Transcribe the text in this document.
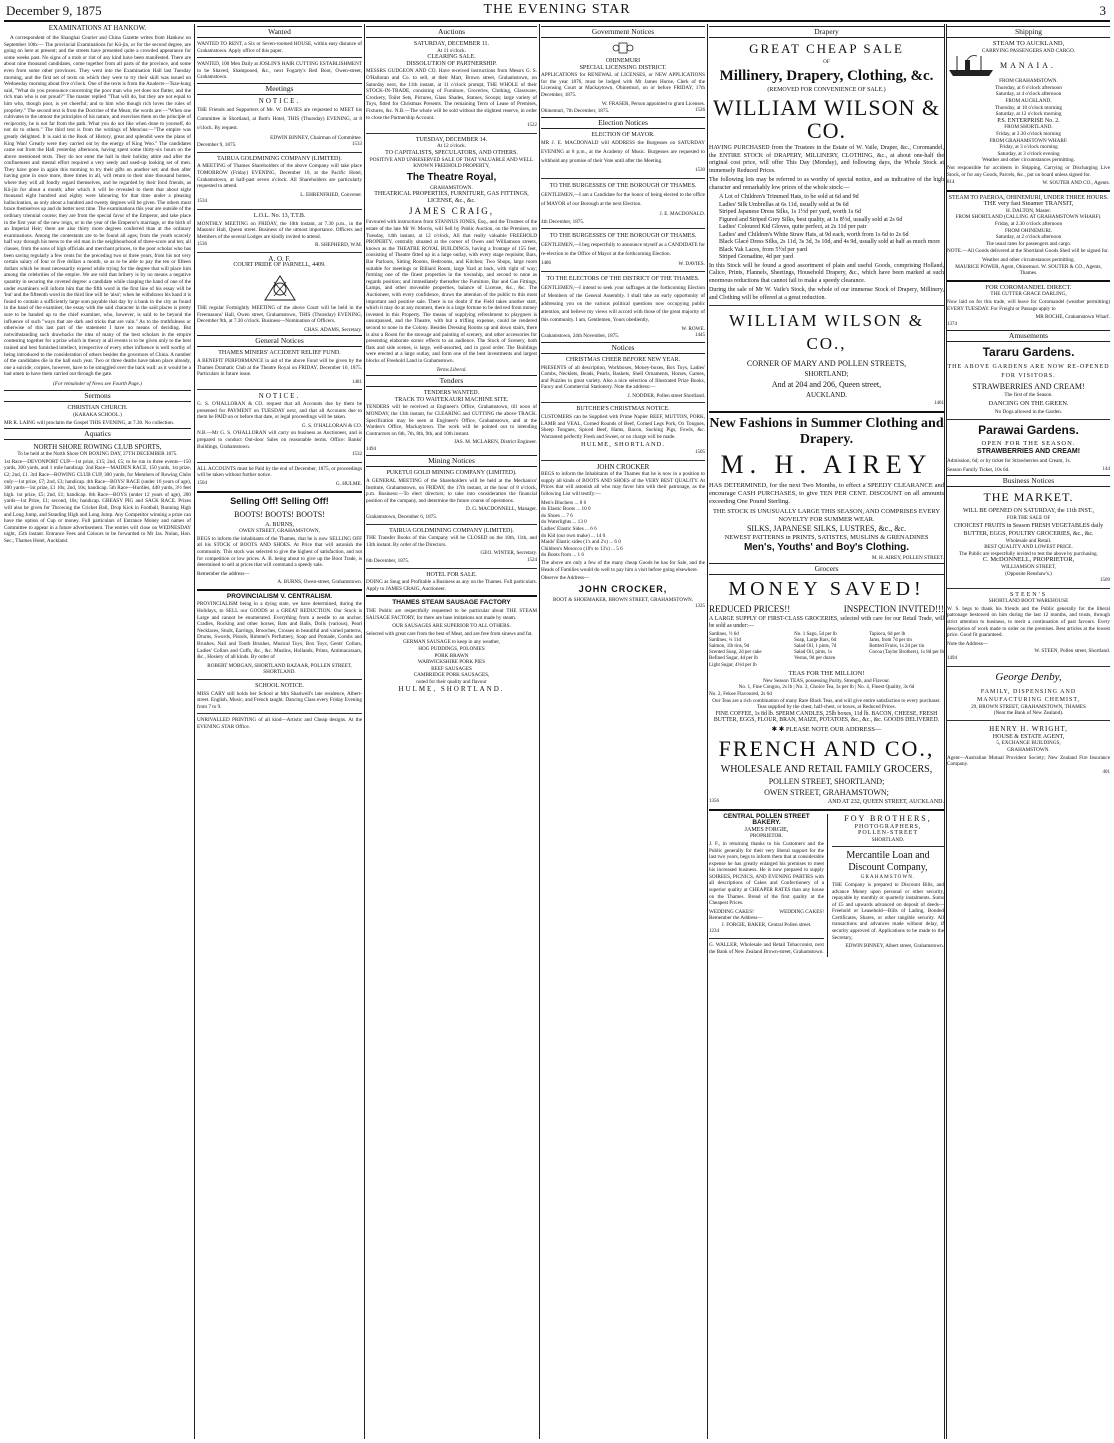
December 9, 1875	THE EVENING STAR	3
EXAMINATIONS AT HANKOW.
A correspondent of the Shanghai Courier and China Gazette writes from Hankow on September 10th:— The provincial Examinations for Kü-jin, or for the second degree, are going on here at present; and the streets have presented quite a crowded appearance for some weeks past. No signs of a mob or riot of any kind have been manifested. There are about nine thousand candidates, come together from all parts of the province, and some even from some other provinces. They went into the Examination Hall last Tuesday morning, and the first set of texts on which they were to try their skill was issued on Wednesday morning about five o'clock. One of the texts is from the Analects—Tsze-kung said, "What do you pronounce concerning the poor man who yet does not flatter, and the rich man who is not proud?" The master replied "That will do, but they are not equal to him who, though poor, is yet cheerful; and to him who though rich loves the rules of propriety." The second text is from the Doctrine of the Mean; the words are:—"When one cultivates to the utmost the principles of his nature, and exercises them on the principle of reciprocity, he is not far from the path. What you do not like when done to yourself, do not do to others." The third text is from the writings of Mencius:—"The empire was greatly delighted. It is said in the Book of History, great and splendid were the plans of King Wan! Greatly were they carried out by the energy of King Woo." The candidates came out from the Hall yesterday afternoon, having spent some thirty-six hours on the above mentioned texts. They do not enter the hall in their holiday attire and after the confinement and mental effort required a very seedy and used-up looking set of men. They have gone in again this morning to try their gifts on another set; and then after having gone in once more, three times in all, will return to their nine thousand homes, where they will all fondly regard themselves, and be regarded by their fond friends, as Kü-jin for about a month; after which it will be revealed to them that about eight thousand eight hundred and eighty were labouring for that time under a pleasing hallucination, as only about a hundred and twenty degrees will be given. The others must brace themselves up and do better next time. The examinations this year are outside of the ordinary triennial course; they are from the special favor of the Emperor, and take place in the first year of the new reign, or in the year of the Emperor's marriage, or the birth of an Imperial Heir; there are also thirty more degrees conferred than at the ordinary examinations. Among the contestants are to be found all ages; from the youth scarcely half way through his teens to the old man in the neighbourhood of three-score and ten; all classes, from the sons of high officials and merchant princes, to the poor scholar who has been saving regularly a few cents for the preceding two or three years, from his not very certain salary of four or five dollars a month, so as to be able to pay the ten or fifteen dollars which he must necessarily expend while trying for the degree that will place him among the celebrities of the empire. We are told that bribery is by no means a negative quantity in securing the coveted degree: a candidate while clasping the hand of one of the under examiners will inform him that the fifth word in the first line of his essay will be 'but' and the fifteenth word in the third line will be 'also'; when he withdraws his hand it is found to contain a sufficiently large sum payable that day by a bank in the city as found in the hand of the examiner, the essay with the said character in the said places is pretty sure to be handed up to the chief examiner, who, however, is said to be beyond the influence of such "ways that are dark and tricks that are vain." As to the truthfulness or otherwise of this last part of the statement I have no means of deciding. But notwithstanding such drawbacks the idea of many of the best scholars in the empire contesting together for a prize which in theory at all events is to be given only to the best trained and best furnished intellect, irrespective of every other influence is well worthy of being introduced to the consideration of others besides the governors of China. A number of the candidates die in the hall each year. Two or three deaths have taken place already, one a suicide; corpses, however, have to be smuggled over the back wall: as it would be a bad omen to have them carried out through the gate.
(For remainder of News see Fourth Page.)
Sermons
CHRISTIAN CHURCH.
(KARAKA SCHOOL.)
MR R. LAING will proclaim the Gospel THIS EVENING, at 7.30. No collection.
Aquatics
NORTH SHORE ROWING CLUB SPORTS,
To be held at the North Shore ON BOXING DAY, 27TH DECEMBER 1875.
1st Race—DEVONPORT CUP—1st prize, £15; 2nd, £5; to be run in three events—150 yards, 300 yards, and 1 mile handicap. 2nd Race—MAIDEN RACE, 150 yards, 1st prize, £2; 2nd, £1. 3rd Race—ROWING CLUB CUP, 300 yards, for Members of Rowing Clubs only—1st prize, £7; 2nd, £3; handicap. 4th Race—BOYS' RACE (under 16 years of age), 300 yards—1st prize, £1 10s; 2nd, 10s; handicap. 5th Race—Hurdles, 440 yards, 3½ feet high. 1st prize, £5; 2nd, £1; handicap. 6th Race—BOYS (under 12 years of age), 200 yards—1st Prize, £1; second, 10s; handicap. GREASY PIG and SACK RACE. Prizes will also be given for Throwing the Cricket Ball, Drop Kick in Football, Running High and Long Jump, and Standing High and Long Jump. Any Competitor winning a prize can have the option of Cup or money. Full particulars of Entrance Money and names of Committee to appear in a future advertisement. The entries will close on WEDNESDAY night, 15th instant. Entrance Fees and Colours to be forwarded to Mr Jas. Nolan, Hon. Sec., Thames Hotel, Auckland.
Wanted
WANTED TO RENT, a Six or Seven-roomed HOUSE, within easy distance of Grahamstown. Apply office of this paper.
WANTED, 100 Men Daily at JOSLIN'S HAIR CUTTING ESTABLISHMENT to be Shaved, Shampooed, &c., next Fogarty's Red Boot, Owen-street, Grahamstown.
Meetings
NOTICE.
THE Friends and Supporters of Mr. W. DAVIES are requested to MEET his Committee in Shortland, at Butt's Hotel, THIS (Thursday) EVENING, at 8 o'clock. By request.
EDWIN BINNEY, Chairman of Committee.
December 9, 1875.	1533
TAIRUA GOLDMINING COMPANY (LIMITED).
A MEETING of Thames Shareholders of the above Company will take place TOMORROW (Friday) EVENING, December 10, at the Pacific Hotel, Grahamstown, at half-past seven o'clock. All Shareholders are particularly requested to attend.
L. EHRENFRIED, Convener.
1534
L.O.L. No. 13, T.T.B.
MONTHLY MEETING on FRIDAY, the 10th instant, at 7.30 p.m., in the Masonic Hall, Queen street. Business of the utmost importance. Officers and Members of the several Lodges are kindly invited to attend.
1536	R. SHEPHERD, W.M.
A. O. F.
COURT PRIDE OF PARNELL, 4409.
THE regular Fortnightly MEETING of the above Court will be held in the Freemasons' Hall, Owen street, Grahamstown, THIS (Thursday) EVENING, December 9th, at 7.30 o'clock. Business—Nomination of Officers.
CHAS. ADAMS, Secretary.
General Notices
THAMES MINERS' ACCIDENT RELIEF FUND.
A BENEFIT PERFORMANCE in aid of the above Fund will be given by the Thames Dramatic Club at the Theatre Royal on FRIDAY, December 10, 1875. Particulars in future issue.
1481
NOTICE.
G. S. O'HALLORAN & CO. request that all Accounts due by them be presented for PAYMENT on TUESDAY next, and that all Accounts due to them be PAID on or before that date, or legal proceedings will be taken.
G. S. O'HALLORAN & CO.
N.B.—Mr G. S. O'HALLORAN will carry on business as Auctioneer, and is prepared to conduct Out-door Sales on reasonable terms. Office: Banks' Buildings, Grahamstown.
1532
ALL ACCOUNTS must be Paid by the end of December, 1875, or proceedings will be taken without further notice.
1504	G. HULME.
Selling Off! Selling Off!
BOOTS! BOOTS! BOOTS!
A. BURNS,
OWEN STREET, GRAHAMSTOWN,
BEGS to inform the inhabitants of the Thames, that he is now SELLING OFF all his STOCK of BOOTS AND SHOES. At Price that will astonish the community. This stock was selected to give the highest of satisfaction, and not for competition or low prices. A. B. being about to give up the Boot Trade, is determined to sell at prices that will command a speedy sale.
Remember the address—
A. BURNS, Owen-street, Grahamstown.
PROVINCIALISM V. CENTRALISM.
PROVINCIALISM being in a dying state, we have determined, during the Holidays, to SELL our GOODS at a GREAT REDUCTION. Our Stock is Large and cannot be enumerated. Everything from a needle to an anchor. Cradles, Rocking and other horses, Bats and Balls, Dolls (various), Pearl Necklaces, Studs, Earrings, Brooches, Crosses in beautiful and varied patterns, Drums, Swords, Pistols, Rimmel's Perfumery, Soap and Pomade, Combs and Brushes, Nail and Tooth Brushes, Musical Toys, Box Toys, Gents' Collars, Ladies' Collars and Cuffs, &c., &c. Muslins, Hollands, Prints, Antimacassars, &c., Hosiery of all kinds. By order of
ROBERT MORGAN, SHORTLAND BAZAAR, POLLEN STREET, SHORTLAND.
SCHOOL NOTICE.
MISS CARY still holds her School at Mrs Shadwell's late residence, Albert-street. English, Music, and French taught. Dancing Class every Friday Evening from 7 to 9.
UNRIVALLED PRINTING of all kind—Artistic and Cheap designs. At the EVENING STAR Office.
Auctions
SATURDAY, DECEMBER 11.
At 11 o'clock.
CLEARING SALE.
DISSOLUTION OF PARTNERSHIP.
MESSRS GUDGEON AND CO. Have received instructions from Messrs G. S. O'Halloran and Co. to sell, at their Mart, Brown street, Grahamstown, on Saturday next, the 11th instant, at 11 o'clock prompt, THE WHOLE of their STOCK-IN-TRADE, consisting of Furniture, Groceries, Clothing, Glassware, Crockery, Toilet Sets, Pictures, Glass Shades, Statues, Scoops; large variety of Toys, fitted for Christmas Presents. The remaining Term of Lease of Premises, Fixtures, &c. N.B.—The whole will be sold without the slightest reserve, in order to close the Partnership Account.
1522
TUESDAY, DECEMBER 14.
At 12 o'clock.
TO CAPITALISTS, SPECULATORS, AND OTHERS.
POSITIVE AND UNRESERVED SALE OF THAT VALUABLE AND WELL KNOWN FREEHOLD PROPERTY,
The Theatre Royal,
GRAHAMSTOWN.
THEATRICAL PROPERTIES, FURNITURE, GAS FITTINGS, LICENSE, &c., &c.
JAMES CRAIG,
Favoured with instructions from STANNUS JONES, Esq., and the Trustees of the estate of the late Mr W. Morris, will Sell by Public Auction, on the Premises, on Tuesday, 14th instant, at 12 o'clock, All that really valuable FREEHOLD PROPERTY, centrally situated at the corner of Owen and Williamson streets, known as the THEATRE ROYAL BUILDINGS, having a frontage of 155 feet, consisting of Theatre fitted up in a large outlay, with every stage requisite; Bars, Bar Parlours, Sitting Rooms, Bedrooms, and Kitchen; Two Shops, large room suitable for meetings or Billiard Room, large Yard at back, with right of way; forming one of the finest properties in the township, and second to none as regards position; and immediately thereafter the Furniture, Bar and Gas Fittings, Lamps, and other moveable properties, balance of License, &c., &c. The Auctioneer, with every confidence, draws the attention of the public to this most important and positive sale. There is no doubt if the Field takes another start, which it may do at any moment, there is a large fortune to be derived from money invested in this Property. The means of supplying refreshment to playgoers is unsurpassed, and the Theatre, with but a trifling expense, could be rendered second to none in the Colony. Besides Dressing Rooms up and down stairs, there is also a Room for the stowage and painting of scenery, and other accessories for presenting elaborate scenic effects to an audience. The Stock of Scenery, both flats and side scenes, is large, well-assorted, and in good order. The Buildings were erected at a large outlay, and form one of the best investments and largest blocks of Freehold Land in Grahamstown.
Terms Liberal.
Tenders
TENDERS WANTED.
TRACK TO WAITEKAURI MACHINE SITE.
TENDERS will be received at Engineer's Office, Grahamstown, till noon of MONDAY, the 13th instant, for CLEARING and CUTTING the above TRACK. Specification may be seen at Engineer's Office, Grahamstown, and at the Warden's Office, Mackaytown. The work will be pointed out to intending Contractors on 6th, 7th, 8th, 9th, and 10th instant.
JAS. M. MCLAREN, District Engineer.
1494
Mining Notices
PUKETUI GOLD MINING COMPANY (LIMITED).
A GENERAL MEETING of the Shareholders will be held at the Mechanics' Institute, Grahamstown, on FRIDAY, the 17th instant, at the hour of 8 o'clock, p.m. Business:—To elect directors; to take into consideration the financial position of the company, and determine the future course of operations.
D. G. MACDONNELL, Manager.
Grahamstown, December 6, 1875.
TAIRUA GOLDMINING COMPANY (LIMITED).
THE Transfer Books of this Company will be CLOSED on the 10th, 11th, and 13th instant. By order of the Directors.
GEO. WINTER, Secretary.
6th December, 1875.	1524
HOTEL FOR SALE.
DOING as Snug and Profitable a Business as any on the Thames. Full particulars. Apply to JAMES CRAIG, Auctioneer.
THAMES STEAM SAUSAGE FACTORY
THE Public are respectfully requested to be particular about THE STEAM SAUSAGE FACTORY, for there are base imitations not made by steam.
OUR SAUSAGES ARE SUPERIOR TO ALL OTHERS.
Selected with great care from the best of Meat, and are free from sinews and fat.
GERMAN SAUSAGE to keep in any weather,
HOG PUDDINGS, POLONIES
PORK BRAWN
WARWICKSHIRE PORK PIES
BEEF SAUSAGES
CAMBRIDGE PORK SAUSAGES,
noted for their quality and flavour
HULME, SHORTLAND.
Government Notices
OHINEMURI
SPECIAL LICENSING DISTRICT.
APPLICATIONS for RENEWAL of LICENSES, or NEW APPLICATIONS for the year 1876, must be lodged with Mr James Horne, Clerk of the Licensing Court at Mackaytown, Ohinemuri, on or before FRIDAY, 17th December, 1875.
W. FRASER, Person appointed to grant Licenses.
Ohinemuri, 7th December, 1875.	1526
Election Notices
ELECTION OF MAYOR.
MR J. E. MACDONALD will ADDRESS the Burgesses on SATURDAY EVENING at 8 p.m., at the Academy of Music. Burgesses are requested to withhold any promise of their Vote until after the Meeting.
1530
TO THE BURGESSES OF THE BOROUGH OF THAMES.
GENTLEMEN,—I am a Candidate for the honor of being elected to the office of MAYOR of our Borough at the next Election.
J. E. MACDONALD.
4th December, 1875.
TO THE BURGESSES OF THE BOROUGH OF THAMES.
GENTLEMEN,—I beg respectfully to announce myself as a CANDIDATE for re-election to the Office of Mayor at the forthcoming Election.
1486	W. DAVIES.
TO THE ELECTORS OF THE DISTRICT OF THE THAMES.
GENTLEMEN,—I intend to seek your suffrages at the forthcoming Election of Members of the General Assembly. I shall take an early opportunity of addressing you on the various political questions now occupying public attention, and believe my views will accord with those of the great majority of this community. I am, Gentlemen, Yours obediently,
W. ROWE.
Grahamstown, 24th November, 1875.	1445
Notices
CHRISTMAS CHEER BEFORE NEW YEAR.
PRESENTS of all description, Workboxes, Money-boxes, Box Toys, Ladies' Combs, Necklets, Beads, Pearls, Baskets, Shell Ornaments, Horses, Games, and Puzzles in great variety. Also a nice selection of Illustrated Prize Books, Fancy and Commercial Stationery. Note the address:—
J. NODDER, Pollen street Shortland.
BUTCHER'S CHRISTMAS NOTICE.
CUSTOMERS can be Supplied with Prime Napier BEEF, MUTTON, PORK, LAMB and VEAL, Corned Rounds of Beef, Corned Legs Pork, Ox Tongues, Sheep Tongues, Spiced Beef, Hams, Bacon, Sucking Pigs, Fowls, &c. Warranted perfectly Fresh and Sweet, or no charge will be made.
HULME, SHORTLAND.
1505
JOHN CROCKER
BEGS to inform the Inhabitants of the Thames that he is now in a position to supply all kinds of BOOTS AND SHOES of the VERY BEST QUALITY. At Prices that will astonish all who may favor him with their patronage, as the following List will testify:—
Men's Bluchers ... 8 6
do Elastic Boots ... 10 0
do Shoes ... 7 6
do Waterlights ... 13 0
Ladies' Elastic Sides ... 6 6
do Kid (our own make) ... 14 0
Maids' Elastic sides (1's and 2's) ... 6 0
Children's Morocco (10's to 13's) ... 5 6
do Boots from ... 1 6
The above are only a few of the many cheap Goods he has for Sale, and the Heads of Families would do well to pay him a visit before going elsewhere.
Observe the Address—
JOHN CROCKER,
BOOT & SHOEMAKER, BROWN STREET, GRAHAMSTOWN.
1325
Drapery
GREAT CHEAP SALE
OF
Millinery, Drapery, Clothing, &c.
(REMOVED FOR CONVENIENCE OF SALE.)
WILLIAM WILSON & CO.
HAVING PURCHASED from the Trustees in the Estate of W. Vaile, Draper, &c., Coromandel, the ENTIRE STOCK of DRAPERY, MILLINERY, CLOTHING, &c., at about one-half the original cost price, will offer This Day (Monday), and following days, the Whole Stock at immensely Reduced Prices.
The following lots may be referred to as worthy of special notice, and as indicative of the high character and remarkably low prices of the whole stock:—
A Lot of Children's Trimmed Hats, to be sold at 6d and 9d
Ladies' Silk Umbrellas at 6s 11d, usually sold at 9s 6d
Striped Japanese Dress Silks, 1s 1½d per yard, worth 1s 6d
Figured and Striped Grey Silks, best quality, at 1s 8½d, usually sold at 2s 6d
Ladies' Coloured Kid Gloves, quite perfect, at 2s 11d per pair
Ladies' and Children's White Straw Hats, at 9d each, worth from 1s 6d to 2s 6d
Black Glacé Dress Silks, 2s 11d, 3s 3d, 3s 10d, and 4s 9d, usually sold at half as much more
Black Yak Laces, from 5½d per yard
Striped Grenadine, 4d per yard
In this Stock will be found a good assortment of plain and useful Goods, comprising Holland, Calico, Prints, Flannels, Sheetings, Household Drapery, &c., which have been marked at such enormous reductions that cannot fail to make a speedy clearance.
During the sale of Mr W. Vaile's Stock, the whole of our immense Stock of Drapery, Millinery, and Clothing will be offered at a great reduction.
WILLIAM WILSON & CO.,
CORNER OF MARY AND POLLEN STREETS,
SHORTLAND;
And at 204 and 206, Queen street,
AUCKLAND.
1461
New Fashions in Summer Clothing and Drapery.
M. H. AIREY
HAS DETERMINED, for the next Two Months, to effect a SPEEDY CLEARANCE and encourage CASH PURCHASES, to give TEN PER CENT. DISCOUNT on all amounts exceeding One Pound Sterling.
THE STOCK IS UNUSUALLY LARGE THIS SEASON, AND COMPRISES EVERY NOVELTY FOR SUMMER WEAR.
SILKS, JAPANESE SILKS, LUSTRES, &c., &c.
NEWEST PATTERNS in PRINTS, SATISTES, MUSLINS & GRENADINES
Men's, Youths' and Boy's Clothing.
M. H. AIREY, POLLEN STREET.
Grocers
MONEY SAVED!
REDUCED PRICES!!	INSPECTION INVITED!!!
A LARGE SUPPLY OF FIRST-CLASS GROCERIES, selected with care for our Retail Trade, will be sold as under:—
Sardines, ½ 6d
Sardines, ¼ 11d
Salmon, 1lb tins, 9d
Scented Soap, 2d per cake
Refined Sugar, 4d per lb
Light Sugar, 4½d per lb
No. 1 Sago, 5d per lb
Soap, Large Bars, 6d
Salad Oil, 1 pints, 7d
Salad Oil, pints, 1s
Vestas, 9d per dozen
Tapioca, 6d per lb
Jams, from 7d per tin
Bottled Fruits, 1s 2d per tin
Cocoa (Taylor Brothers), 1s 8d per lb
TEAS FOR THE MILLION!
New Season TEAS, possessing Purity, Strength, and Flavour.
No. 1, Fine Congou, 2s lb | No. 3, Choice Tea, 3s per lb | No. 4, Finest Quality, 3s 6d
No. 2, Fekoe Flavoured, 2s 6d
Our Teas are a rich combination of many Rare Black Teas, and will give entire satisfaction to every purchaser.
Teas supplied by the chest, half-chest, or boxes, at Reduced Prices.
FINE COFFEE, 1s 8d lb. SPERM CANDLES, 25lb boxes, 11d lb. BACON, CHEESE, FRESH BUTTER, EGGS, FLOUR, BRAN, MAIZE, POTATOES, &c., &c., &c. GOODS DELIVERED.
✱ ✱ PLEASE NOTE OUR ADDRESS—
FRENCH AND CO.,
WHOLESALE AND RETAIL FAMILY GROCERS,
POLLEN STREET, SHORTLAND;
OWEN STREET, GRAHAMSTOWN;
1356	AND AT 232, QUEEN STREET, AUCKLAND.
CENTRAL POLLEN STREET BAKERY.
JAMES FORGIE,
PROPRIETOR.
J. F., in returning thanks to his Customers and the Public generally for their very liberal support for the last two years, begs to inform them that at considerable expense he has greatly enlarged his premises to meet his increased business. He is now prepared to supply SOIREES, PICNICS, AND EVENING PARTIES with all descriptions of Cakes and Confectionery of a superior quality at CHEAPER RATES than any house on the Thames. Bread of the first quality at the Cheapest Prices.
WEDDING CAKES!	WEDDING CAKES!
Remember the Address—
J. FORGIE, BAKER, Central Pollen street.
1234
G. WALLER, Wholesale and Retail Tobacconist, next the Bank of New Zealand Brown-street, Grahamstown.
FOY BROTHERS,
PHOTOGRAPHERS,
POLLEN-STREET
SHORTLAND.
Mercantile Loan and Discount Company,
GRAHAMSTOWN.
THE Company is prepared to Discount Bills, and advance Money upon personal or other security, repayable by monthly or quarterly instalments. Sums of £5 and upwards advanced on deposit of deeds—Freehold or Leasehold—Bills of Lading, Bonded Certificates, Shares, or other tangible security. All transactions and advances made without delay, if security approved of. Applications to be made to the Secretary,
EDWIN BINNEY, Albert street, Grahamstown.
Shipping
STEAM TO AUCKLAND,
CARRYING PASSENGERS AND CARGO.
MANAIA.
FROM GRAHAMSTOWN.
Thursday, at 6 o'clock afternoon
Saturday, at 4 o'clock afternoon
FROM AUCKLAND.
Thursday, at 10 o'clock morning
Saturday, at 12 o'clock morning
P.S. ENTERPRISE No. 2.
FROM SHORTLAND.
Friday, at 2.30 o'clock morning
FROM GRAHAMSTOWN WHARF.
Friday, at 3 o'clock morning
Saturday, at 3 o'clock evening
Weather and other circumstances permitting.
Not responsible for accidents in Shipping, Carrying or Discharging Live Stock, or for any Goods, Parcels, &c., put on board unless signed for.
814	W. SOUTER AND CO., Agents.
STEAM TO PAEROA, OHINEMURI, UNDER THREE HOURS.
THE very fast Steamer TRANSIT,
H. DALTON, Master.
FROM SHORTLAND (CALLING AT GRAHAMSTOWN WHARF).
Friday, at 2.30 o'clock afternoon
FROM OHINEMURI.
Saturday, at 2 o'clock afternoon
The usual rates for passengers and cargo.
NOTE.—All Goods delivered at the Shortland Goods Shed will be signed for.
Weather and other circumstances permitting.
MAURICE POWER, Agent, Ohinemuri. W. SOUTER & CO., Agents, Thames.
FOR COROMANDEL DIRECT.
THE CUTTER GRACE DARLING,
Now laid on for this trade, will leave for Coromandel (weather permitting) EVERY TUESDAY. For Freight or Passage apply to
MR ROCHE, Grahamstown Wharf.
1374
Amusements
Tararu Gardens.
THE ABOVE GARDENS ARE NOW RE-OPENED FOR VISITORS.
STRAWBERRIES AND CREAM!
The first of the Season.
DANCING ON THE GREEN.
No Dogs allowed in the Garden.
Parawai Gardens.
OPEN FOR THE SEASON.
STRAWBERRIES AND CREAM!
Admission, 6d; or by ticket for Strawberries and Cream, 1s.
Season Family Ticket, 10s 6d.	144
Business Notices
THE MARKET.
WILL BE OPENED ON SATURDAY, the 11th INST.,
FOR THE SALE OF
CHOICEST FRUITS in Season FRESH VEGETABLES daily BUTTER, EGGS, POULTRY GROCERIES, &c., &c.
Wholesale and Retail.
BEST QUALITY AND LOWEST PRICE.
The Public are respectfully invited to test the above by purchasing.
C. McDONNELL, PROPRIETOR,
WILLIAMSON STREET,
(Opposite Renshaw's.)
1509
STEEN'S
SHORTLAND BOOT WAREHOUSE
W. S. begs to thank his friends and the Public generally for the liberal patronage bestowed on him during the last 12 months, and trusts, through strict attention to business, to merit a continuation of past favours. Every description of work made to order on the premises. Best articles at the lowest price. Good fit guaranteed.
Note the Address—
W. STEEN, Pollen street, Shortland.
1494
George Denby,
FAMILY, DISPENSING AND MANUFACTURING CHEMIST,
29, BROWN STREET, GRAHAMSTOWN, THAMES
(Near the Bank of New Zealand).
HENRY H. WRIGHT,
HOUSE & ESTATE AGENT,
5, EXCHANGE BUILDINGS,
GRAHAMSTOWN.
Agent—Australian Mutual Provident Society; New Zealand Fire Insurance Company.
401
